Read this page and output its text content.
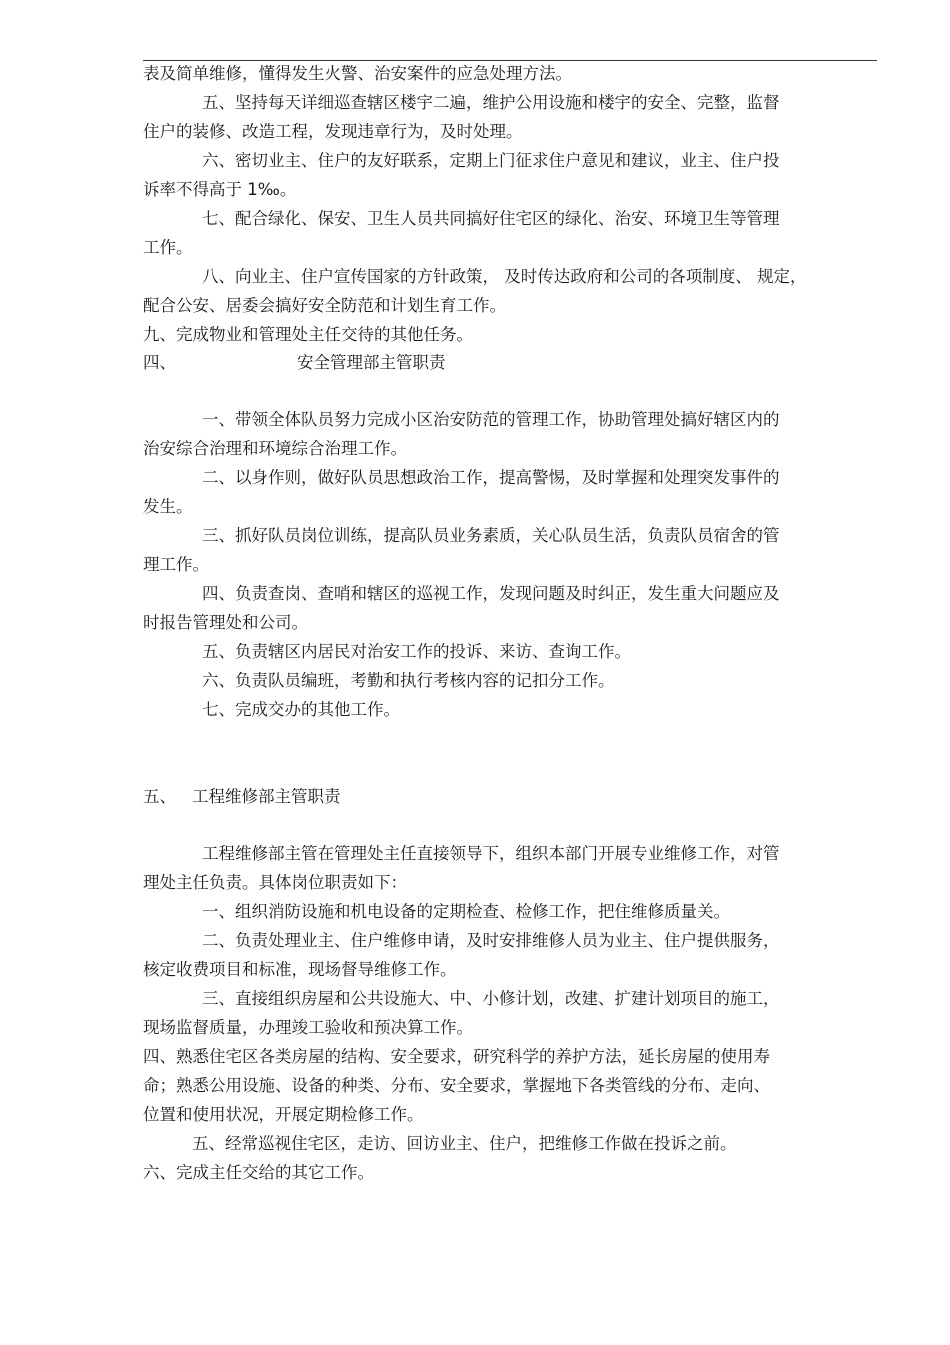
表及简单维修，懂得发生火警、治安案件的应急处理方法。

五、坚持每天详细巡查辖区楼宇二遍，维护公用设施和楼宇的安全、完整，监督

住户的装修、改造工程，发现违章行为，及时处理。

六、密切业主、住户的友好联系，定期上门征求住户意见和建议，业主、住户投

诉率不得高于 1‰。

七、配合绿化、保安、卫生人员共同搞好住宅区的绿化、治安、环境卫生等管理

工作。

八、向业主、住户宣传国家的方针政策， 及时传达政府和公司的各项制度、 规定，

配合公安、居委会搞好安全防范和计划生育工作。

九、完成物业和管理处主任交待的其他任务。

四、	安全管理部主管职责

一、带领全体队员努力完成小区治安防范的管理工作，协助管理处搞好辖区内的

治安综合治理和环境综合治理工作。

二、以身作则，做好队员思想政治工作，提高警惕，及时掌握和处理突发事件的

发生。

三、抓好队员岗位训练，提高队员业务素质，关心队员生活，负责队员宿舍的管

理工作。

四、负责查岗、查哨和辖区的巡视工作，发现问题及时纠正，发生重大问题应及

时报告管理处和公司。

五、负责辖区内居民对治安工作的投诉、来访、查询工作。

六、负责队员编班，考勤和执行考核内容的记扣分工作。

七、完成交办的其他工作。

五、 工程维修部主管职责

工程维修部主管在管理处主任直接领导下，组织本部门开展专业维修工作，对管

理处主任负责。具体岗位职责如下：

一、组织消防设施和机电设备的定期检查、检修工作，把住维修质量关。

二、负责处理业主、住户维修申请，及时安排维修人员为业主、住户提供服务，

核定收费项目和标准，现场督导维修工作。

三、直接组织房屋和公共设施大、中、小修计划，改建、扩建计划项目的施工，

现场监督质量，办理竣工验收和预决算工作。

四、熟悉住宅区各类房屋的结构、安全要求，研究科学的养护方法，延长房屋的使用寿

命；熟悉公用设施、设备的种类、分布、安全要求，掌握地下各类管线的分布、走向、

位置和使用状况，开展定期检修工作。

五、经常巡视住宅区，走访、回访业主、住户，把维修工作做在投诉之前。

六、完成主任交给的其它工作。
